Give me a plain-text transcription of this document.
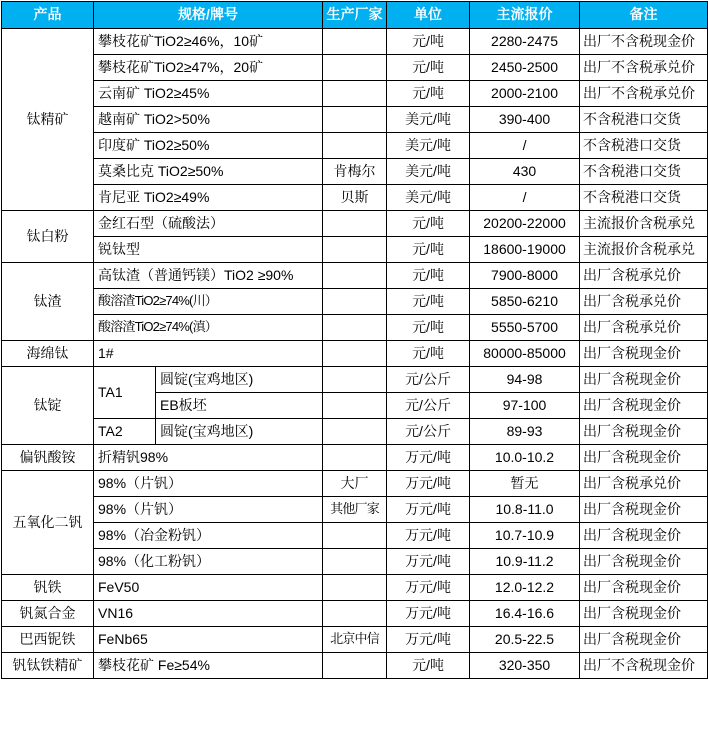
产品	规格/牌号		生产厂家	单位	主流报价	备注
钛精矿	攀枝花矿TiO2≥46%，10矿			元/吨	2280-2475	出厂不含税现金价
	攀枝花矿TiO2≥47%，20矿			元/吨	2450-2500	出厂不含税承兑价
	云南矿 TiO2≥45%			元/吨	2000-2100	出厂不含税承兑价
	越南矿 TiO2>50%			美元/吨	390-400	不含税港口交货
	印度矿 TiO2≥50%			美元/吨	/	不含税港口交货
	莫桑比克 TiO2≥50%		肯梅尔	美元/吨	430	不含税港口交货
	肯尼亚 TiO2≥49%		贝斯	美元/吨	/	不含税港口交货
钛白粉	金红石型（硫酸法）			元/吨	20200-22000	主流报价含税承兑
	锐钛型			元/吨	18600-19000	主流报价含税承兑
钛渣	高钛渣（普通钙镁）TiO2 ≥90%			元/吨	7900-8000	出厂含税承兑价
	酸溶渣TiO2≥74%(川）			元/吨	5850-6210	出厂含税承兑价
	酸溶渣TiO2≥74%(滇）			元/吨	5550-5700	出厂含税承兑价
海绵钛	1#			元/吨	80000-85000	出厂含税现金价
钛锭	TA1	圆锭(宝鸡地区)		元/公斤	94-98	出厂含税现金价
		EB板坯		元/公斤	97-100	出厂含税现金价
	TA2	圆锭(宝鸡地区)		元/公斤	89-93	出厂含税现金价
偏钒酸铵	折精钒98%			万元/吨	10.0-10.2	出厂含税现金价
五氧化二钒	98%（片钒）		大厂	万元/吨	暂无	出厂含税承兑价
	98%（片钒）		其他厂家	万元/吨	10.8-11.0	出厂含税现金价
	98%（冶金粉钒）			万元/吨	10.7-10.9	出厂含税现金价
	98%（化工粉钒）			万元/吨	10.9-11.2	出厂含税现金价
钒铁	FeV50			万元/吨	12.0-12.2	出厂含税现金价
钒氮合金	VN16			万元/吨	16.4-16.6	出厂含税现金价
巴西铌铁	FeNb65		北京中信	万元/吨	20.5-22.5	出厂含税现金价
钒钛铁精矿	攀枝花矿 Fe≥54%			元/吨	320-350	出厂不含税现金价
